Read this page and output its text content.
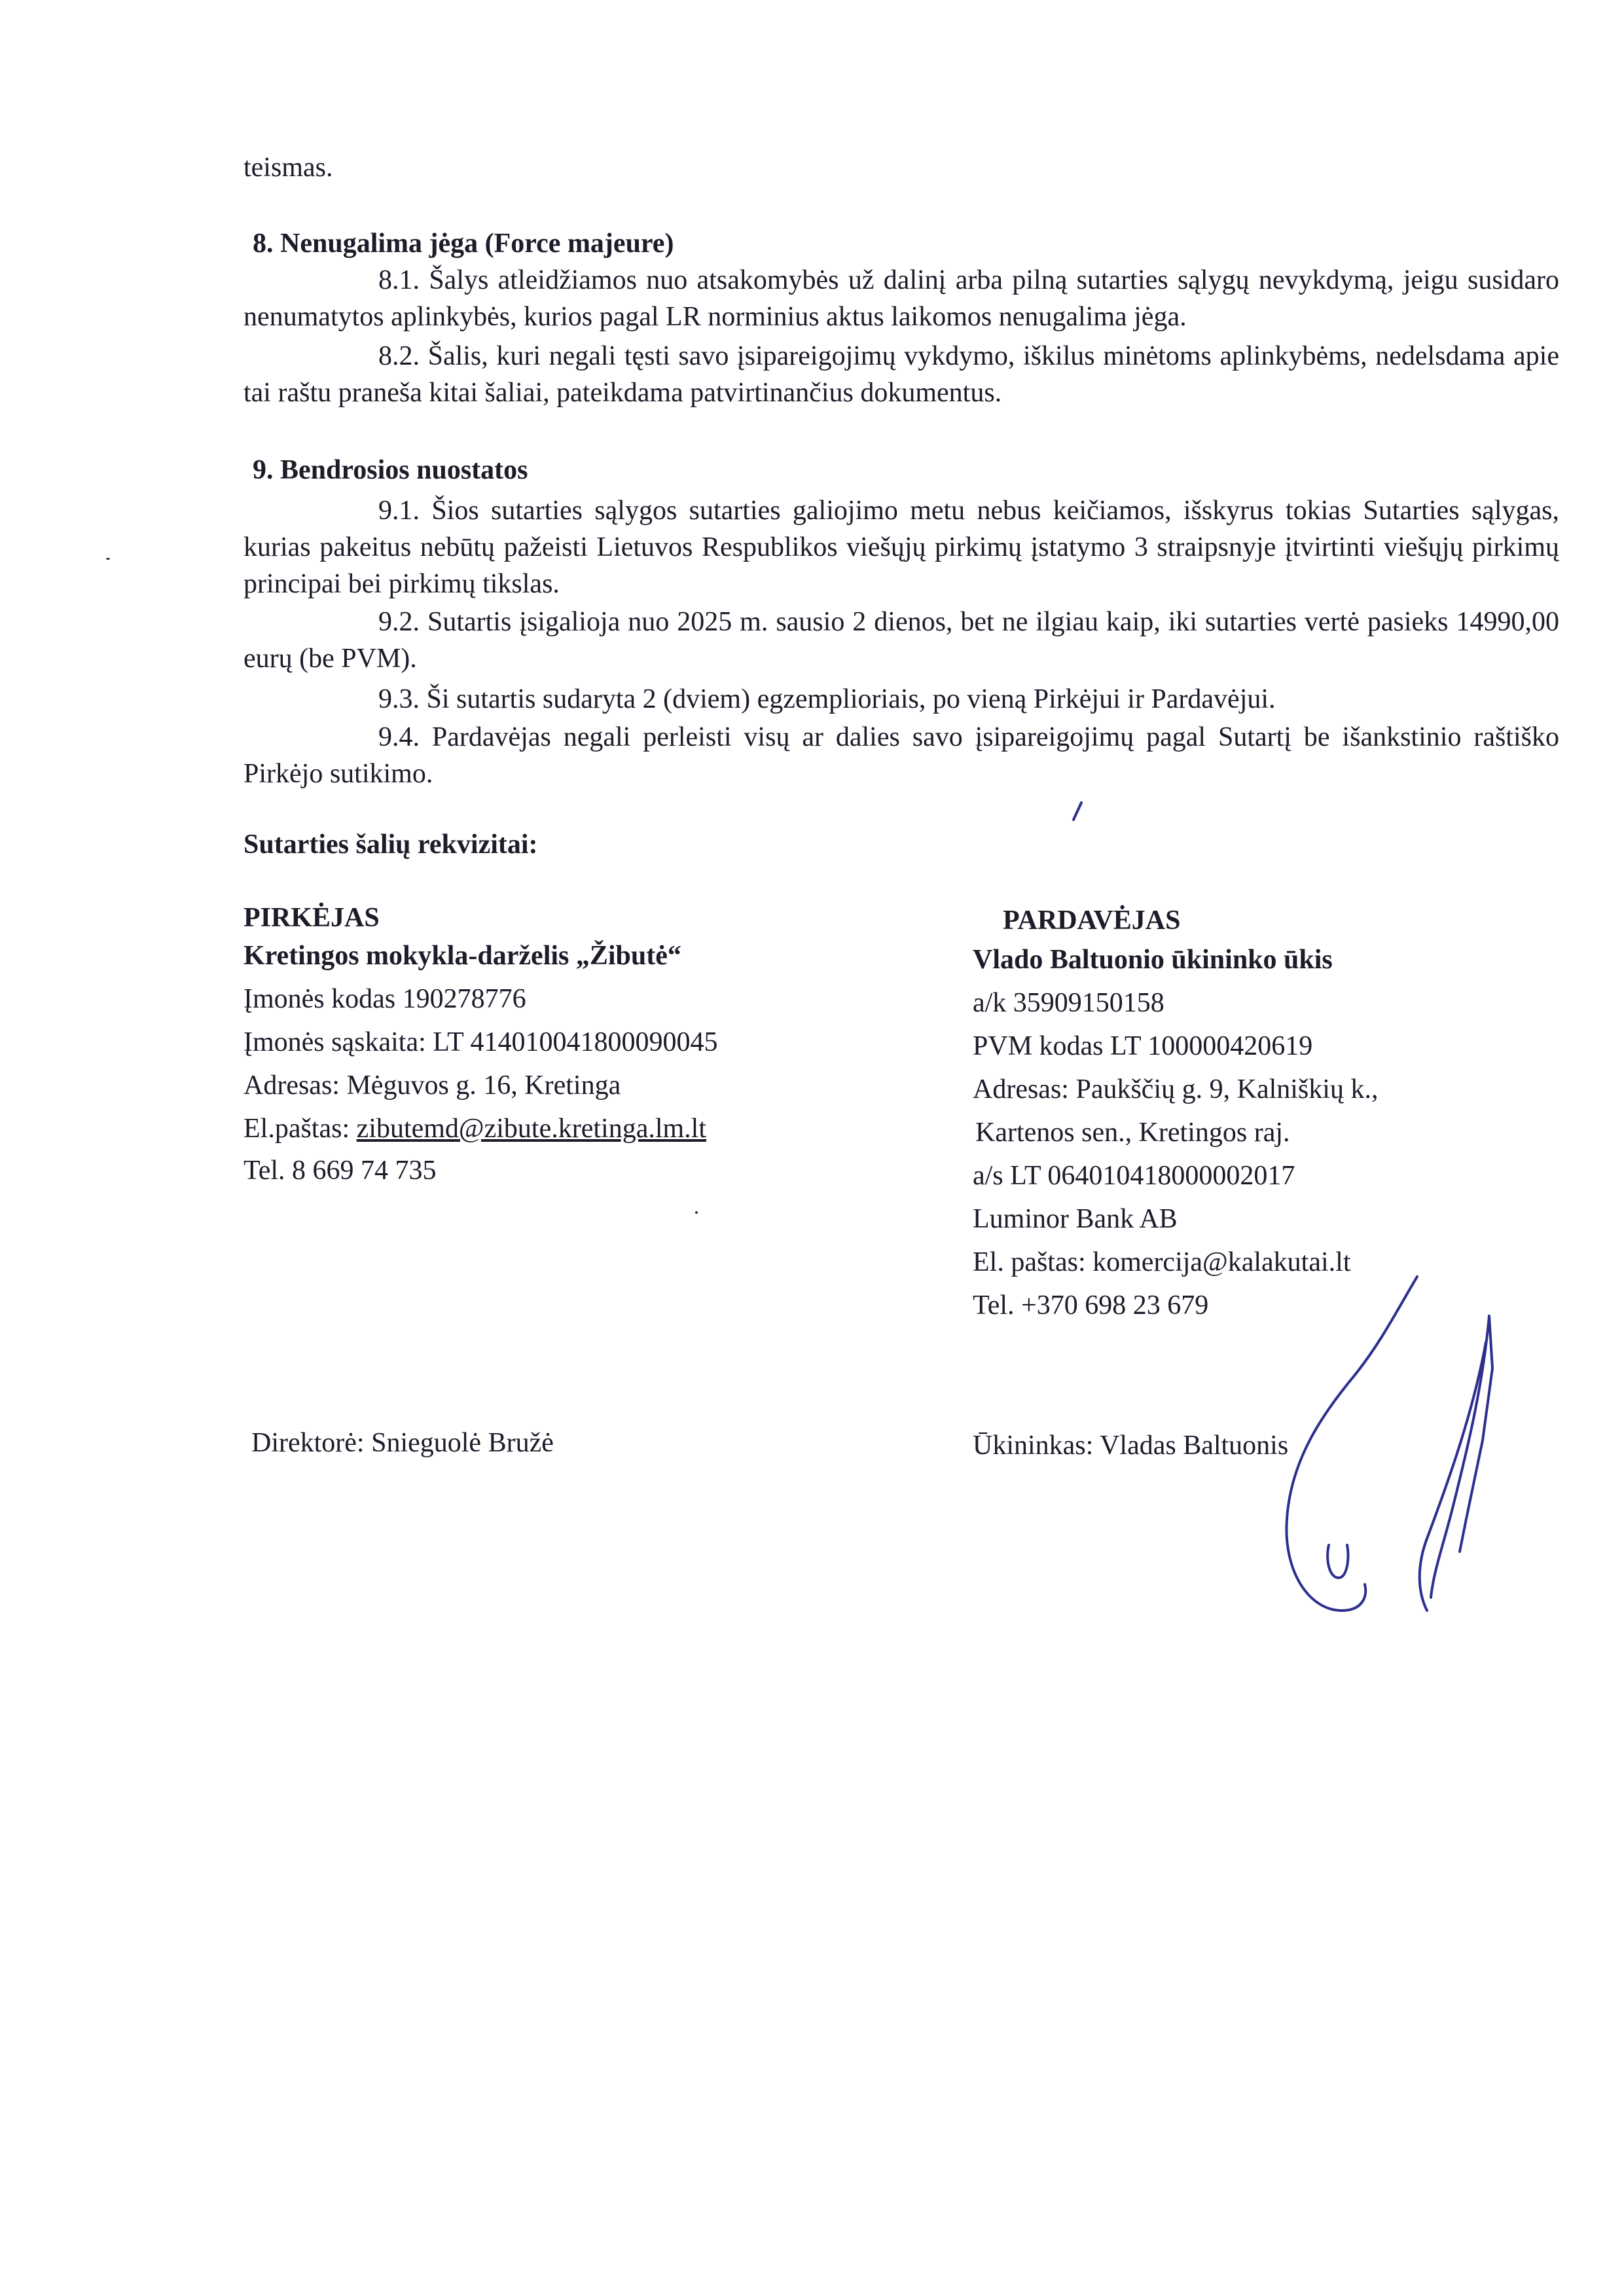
teismas.
8. Nenugalima jėga (Force majeure)
8.1. Šalys atleidžiamos nuo atsakomybės už dalinį arba pilną sutarties sąlygų nevykdymą, jeigu susidaro nenumatytos aplinkybės, kurios pagal LR norminius aktus laikomos nenugalima jėga.
8.2. Šalis, kuri negali tęsti savo įsipareigojimų vykdymo, iškilus minėtoms aplinkybėms, nedelsdama apie tai raštu praneša kitai šaliai, pateikdama patvirtinančius dokumentus.
9. Bendrosios nuostatos
9.1. Šios sutarties sąlygos sutarties galiojimo metu nebus keičiamos, išskyrus tokias Sutarties sąlygas, kurias pakeitus nebūtų pažeisti Lietuvos Respublikos viešųjų pirkimų įstatymo 3 straipsnyje įtvirtinti viešųjų pirkimų principai bei pirkimų tikslas.
9.2. Sutartis įsigalioja nuo 2025 m. sausio 2 dienos, bet ne ilgiau kaip, iki sutarties vertė pasieks 14990,00 eurų (be PVM).
9.3. Ši sutartis sudaryta 2 (dviem) egzemplioriais, po vieną Pirkėjui ir Pardavėjui.
9.4. Pardavėjas negali perleisti visų ar dalies savo įsipareigojimų pagal Sutartį be išankstinio raštiško Pirkėjo sutikimo.
Sutarties šalių rekvizitai:
PIRKĖJAS
Kretingos mokykla-darželis „Žibutė“
Įmonės kodas 190278776
Įmonės sąskaita: LT 414010041800090045
Adresas: Mėguvos g. 16, Kretinga
El.paštas: zibutemd@zibute.kretinga.lm.lt
Tel. 8 669 74 735
Direktorė: Snieguolė Bružė
PARDAVĖJAS
Vlado Baltuonio ūkininko ūkis
a/k 35909150158
PVM kodas LT 100000420619
Adresas: Paukščių g. 9, Kalniškių k.,
Kartenos sen., Kretingos raj.
a/s LT 064010418000002017
Luminor Bank AB
El. paštas: komercija@kalakutai.lt
Tel. +370 698 23 679
Ūkininkas: Vladas Baltuonis
